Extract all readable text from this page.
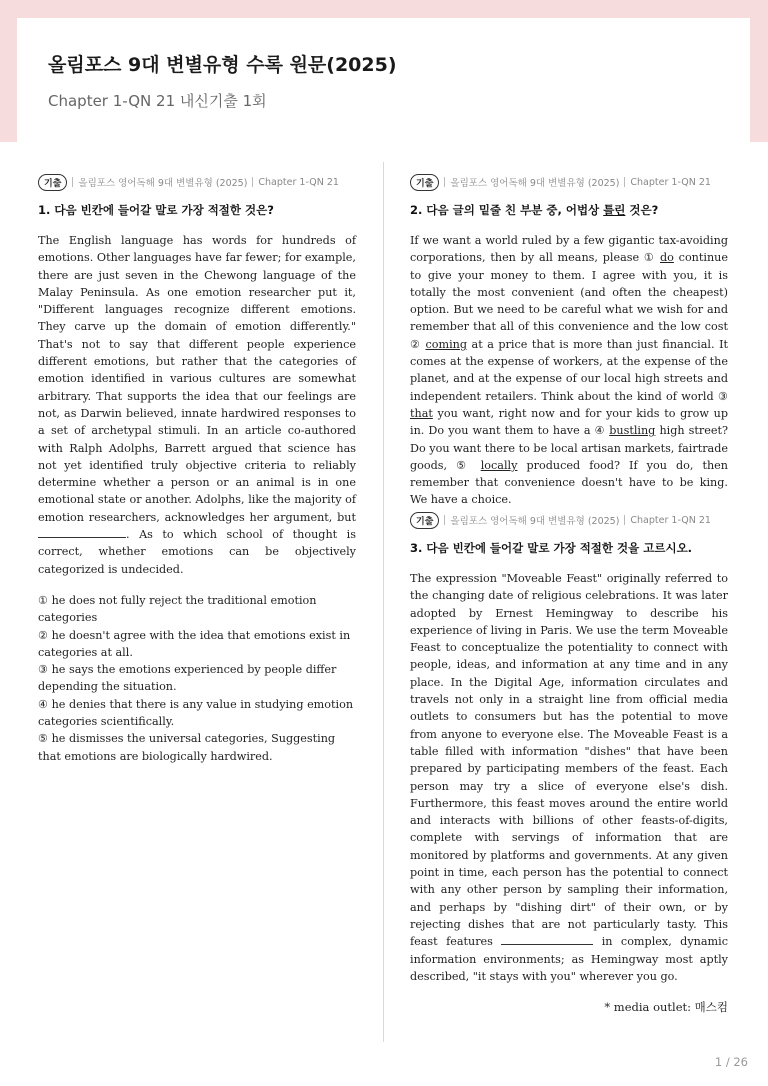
올림포스 9대 변별유형 수록 원문(2025)
Chapter 1-QN 21 내신기출 1회
기출	올림포스 영어독해 9대 변별유형 (2025) Chapter 1-QN 21
1. 다음 빈칸에 들어갈 말로 가장 적절한 것은?

The English language has words for hundreds of emotions. Other languages have far fewer; for example, there are just seven in the Chewong language of the Malay Peninsula. As one emotion researcher put it, "Different languages recognize different emotions. They carve up the domain of emotion differently." That's not to say that different people experience different emotions, but rather that the categories of emotion identified in various cultures are somewhat arbitrary. That supports the idea that our feelings are not, as Darwin believed, innate hardwired responses to a set of archetypal stimuli. In an article co-authored with Ralph Adolphs, Barrett argued that science has not yet identified truly objective criteria to reliably determine whether a person or an animal is in one emotional state or another. Adolphs, like the majority of emotion researchers, acknowledges her argument, but . As to which school of thought is correct, whether emotions can be objectively categorized is undecided.

① he does not fully reject the traditional emotion categories

② he doesn't agree with the idea that emotions exist in categories at all.

③ he says the emotions experienced by people differ depending the situation.

④ he denies that there is any value in studying emotion categories scientifically.

⑤ he dismisses the universal categories, Suggesting that emotions are biologically hardwired.

기출	올림포스 영어독해 9대 변별유형 (2025) Chapter 1-QN 21
2. 다음 글의 밑줄 친 부분 중, 어법상 틀린 것은?

If we want a world ruled by a few gigantic tax-avoiding corporations, then by all means, please ① do continue to give your money to them. I agree with you, it is totally the most convenient (and often the cheapest) option. But we need to be careful what we wish for and remember that all of this convenience and the low cost ② coming at a price that is more than just financial. It comes at the expense of workers, at the expense of the planet, and at the expense of our local high streets and independent retailers. Think about the kind of world ③ that you want, right now and for your kids to grow up in. Do you want them to have a ④ bustling high street? Do you want there to be local artisan markets, fairtrade goods, ⑤ locally produced food? If you do, then remember that convenience doesn't have to be king. We have a choice.

기출	올림포스 영어독해 9대 변별유형 (2025) Chapter 1-QN 21
3. 다음 빈칸에 들어갈 말로 가장 적절한 것을 고르시오.

The expression "Moveable Feast" originally referred to the changing date of religious celebrations. It was later adopted by Ernest Hemingway to describe his experience of living in Paris. We use the term Moveable Feast to conceptualize the potentiality to connect with people, ideas, and information at any time and in any place. In the Digital Age, information circulates and travels not only in a straight line from official media outlets to consumers but has the potential to move from anyone to everyone else. The Moveable Feast is a table filled with information "dishes" that have been prepared by participating members of the feast. Each person may try a slice of everyone else's dish. Furthermore, this feast moves around the entire world and interacts with billions of other feasts-of-digits, complete with servings of information that are monitored by platforms and governments. At any given point in time, each person has the potential to connect with any other person by sampling their information, and perhaps by "dishing dirt" of their own, or by rejecting dishes that are not particularly tasty. This feast features	in complex, dynamic information environments; as Hemingway most aptly described, "it stays with you" wherever you go.

* media outlet: 매스컴
1 / 26
